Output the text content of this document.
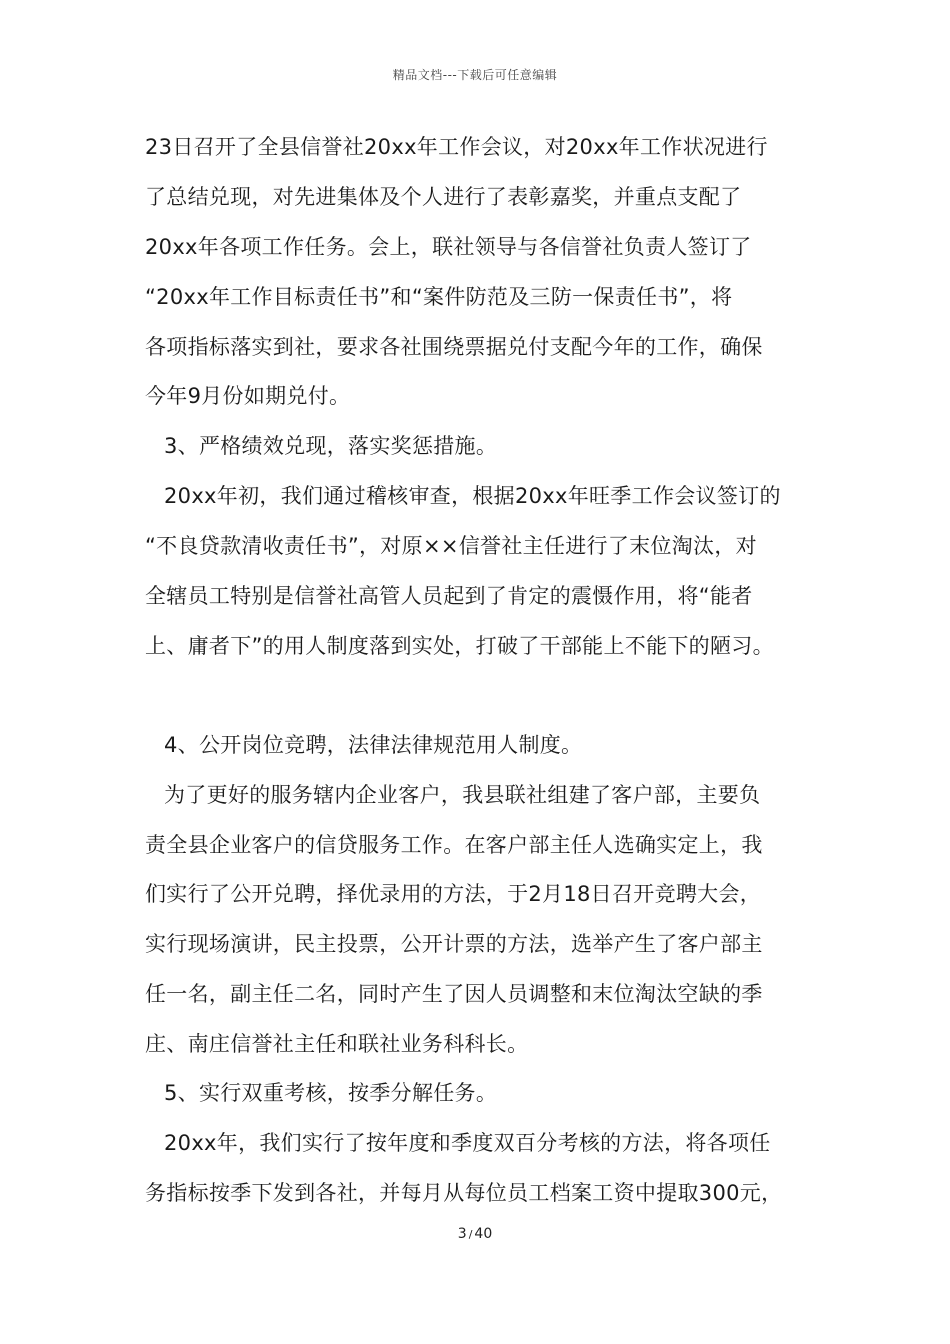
精品文档---下载后可任意编辑
23日召开了全县信誉社20xx年工作会议，对20xx年工作状况进行
了总结兑现，对先进集体及个人进行了表彰嘉奖，并重点支配了
20xx年各项工作任务。会上，联社领导与各信誉社负责人签订了
“20xx年工作目标责任书”和“案件防范及三防一保责任书”，将
各项指标落实到社，要求各社围绕票据兑付支配今年的工作，确保
今年9月份如期兑付。
3、严格绩效兑现，落实奖惩措施。
20xx年初，我们通过稽核审查，根据20xx年旺季工作会议签订的
“不良贷款清收责任书”，对原××信誉社主任进行了末位淘汰，对
全辖员工特别是信誉社高管人员起到了肯定的震慑作用，将“能者
上、庸者下”的用人制度落到实处，打破了干部能上不能下的陋习。
4、公开岗位竞聘，法律法律规范用人制度。
为了更好的服务辖内企业客户，我县联社组建了客户部，主要负
责全县企业客户的信贷服务工作。在客户部主任人选确实定上，我
们实行了公开兑聘，择优录用的方法，于2月18日召开竞聘大会，
实行现场演讲，民主投票，公开计票的方法，选举产生了客户部主
任一名，副主任二名，同时产生了因人员调整和末位淘汰空缺的季
庄、南庄信誉社主任和联社业务科科长。
5、实行双重考核，按季分解任务。
20xx年，我们实行了按年度和季度双百分考核的方法，将各项任
务指标按季下发到各社，并每月从每位员工档案工资中提取300元，
3 / 40
